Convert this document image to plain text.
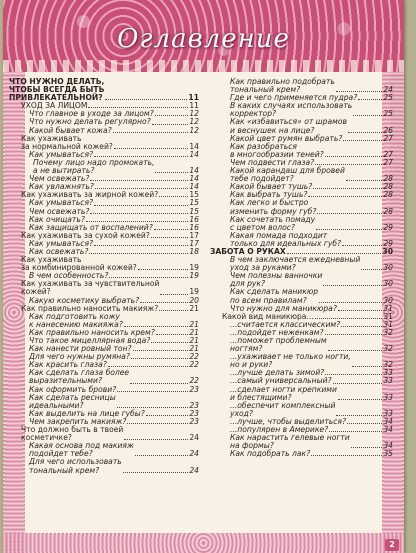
Оглавление
ЧТО НУЖНО ДЕЛАТЬ,
ЧТОБЫ ВСЕГДА БЫТЬ
ПРИВЛЕКАТЕЛЬНОЙ?	11
УХОД ЗА ЛИЦОМ	11
Что главное в уходе за лицом?	12
Что нужно делать регулярно?	12
Какой бывает кожа?	12
Как ухаживать
за нормальной кожей?	14
Как умываться?	14
Почему лицо надо промокать,
а не вытирать?	14
Чем освежать?	14
Как увлажнять?	14
Как ухаживать за жирной кожей?	15
Как умываться?	15
Чем освежать?	15
Как очищать?	16
Как защищать от воспалений?	16
Как ухаживать за сухой кожей?	17
Как умываться?	17
Как освежать?	18
Как ухаживать
за комбинированной кожей?	19
В чем особенность?	19
Как ухаживать за чувствительной
кожей?	19
Какую косметику выбрать?	20
Как правильно наносить макияж?	21
Как подготовить кожу
к нанесению макияжа?	21
Как правильно наносить крем?	21
Что такое мицеллярная вода?	21
Как нанести ровный тон?	21
Для чего нужны румяна?	22
Как красить глаза?	22
Как сделать глаза более
выразительными?	22
Как оформить брови?	23
Как сделать ресницы
идеальными?	23
Как выделить на лице губы?	23
Чем закрепить макияж?	23
Что должно быть в твоей
косметичке?	24
Какая основа под макияж
подойдет тебе?	24
Для чего использовать
тональный крем?	24
Как правильно подобрать
тональный крем?	24
Где и чего применяется пудра?	25
В каких случаях использовать
корректор?	25
Как «избавиться» от шрамов
и веснушек на лице?	26
Какой цвет румян выбрать?	27
Как разобраться
в многообразии теней?	27
Чем подвести глаза?	27
Какой карандаш для бровей
тебе подойдет?	28
Какой бывает тушь?	28
Как выбрать тушь?	28
Как легко и быстро
изменить форму губ?	28
Как сочетать помаду
с цветом волос?	29
Какая помада подходит
только для идеальных губ?	29
ЗАБОТА О РУКАХ	30
В чем заключается ежедневный
уход за руками?	30
Чем полезны ванночки
для рук?	30
Как сделать маникюр
по всем правилам?	30
Что нужно для маникюра?	31
Какой вид маникюра...	31
...считается классическим?	31
...подойдет неженкам?	32
...поможет проблемным
ногтям?	32
...ухаживает не только ногти,
но и руки?	32
...лучше делать зимой?	33
...самый универсальный?	33
...сделает ногти крепкими
и блестящими?	33
...обеспечит комплексный
уход?	33
...лучше, чтобы выделиться?	34
...популярен в Америке?	34
Как нарастить гелевые ногти
на формы?	34
Как подобрать лак?	35
2
